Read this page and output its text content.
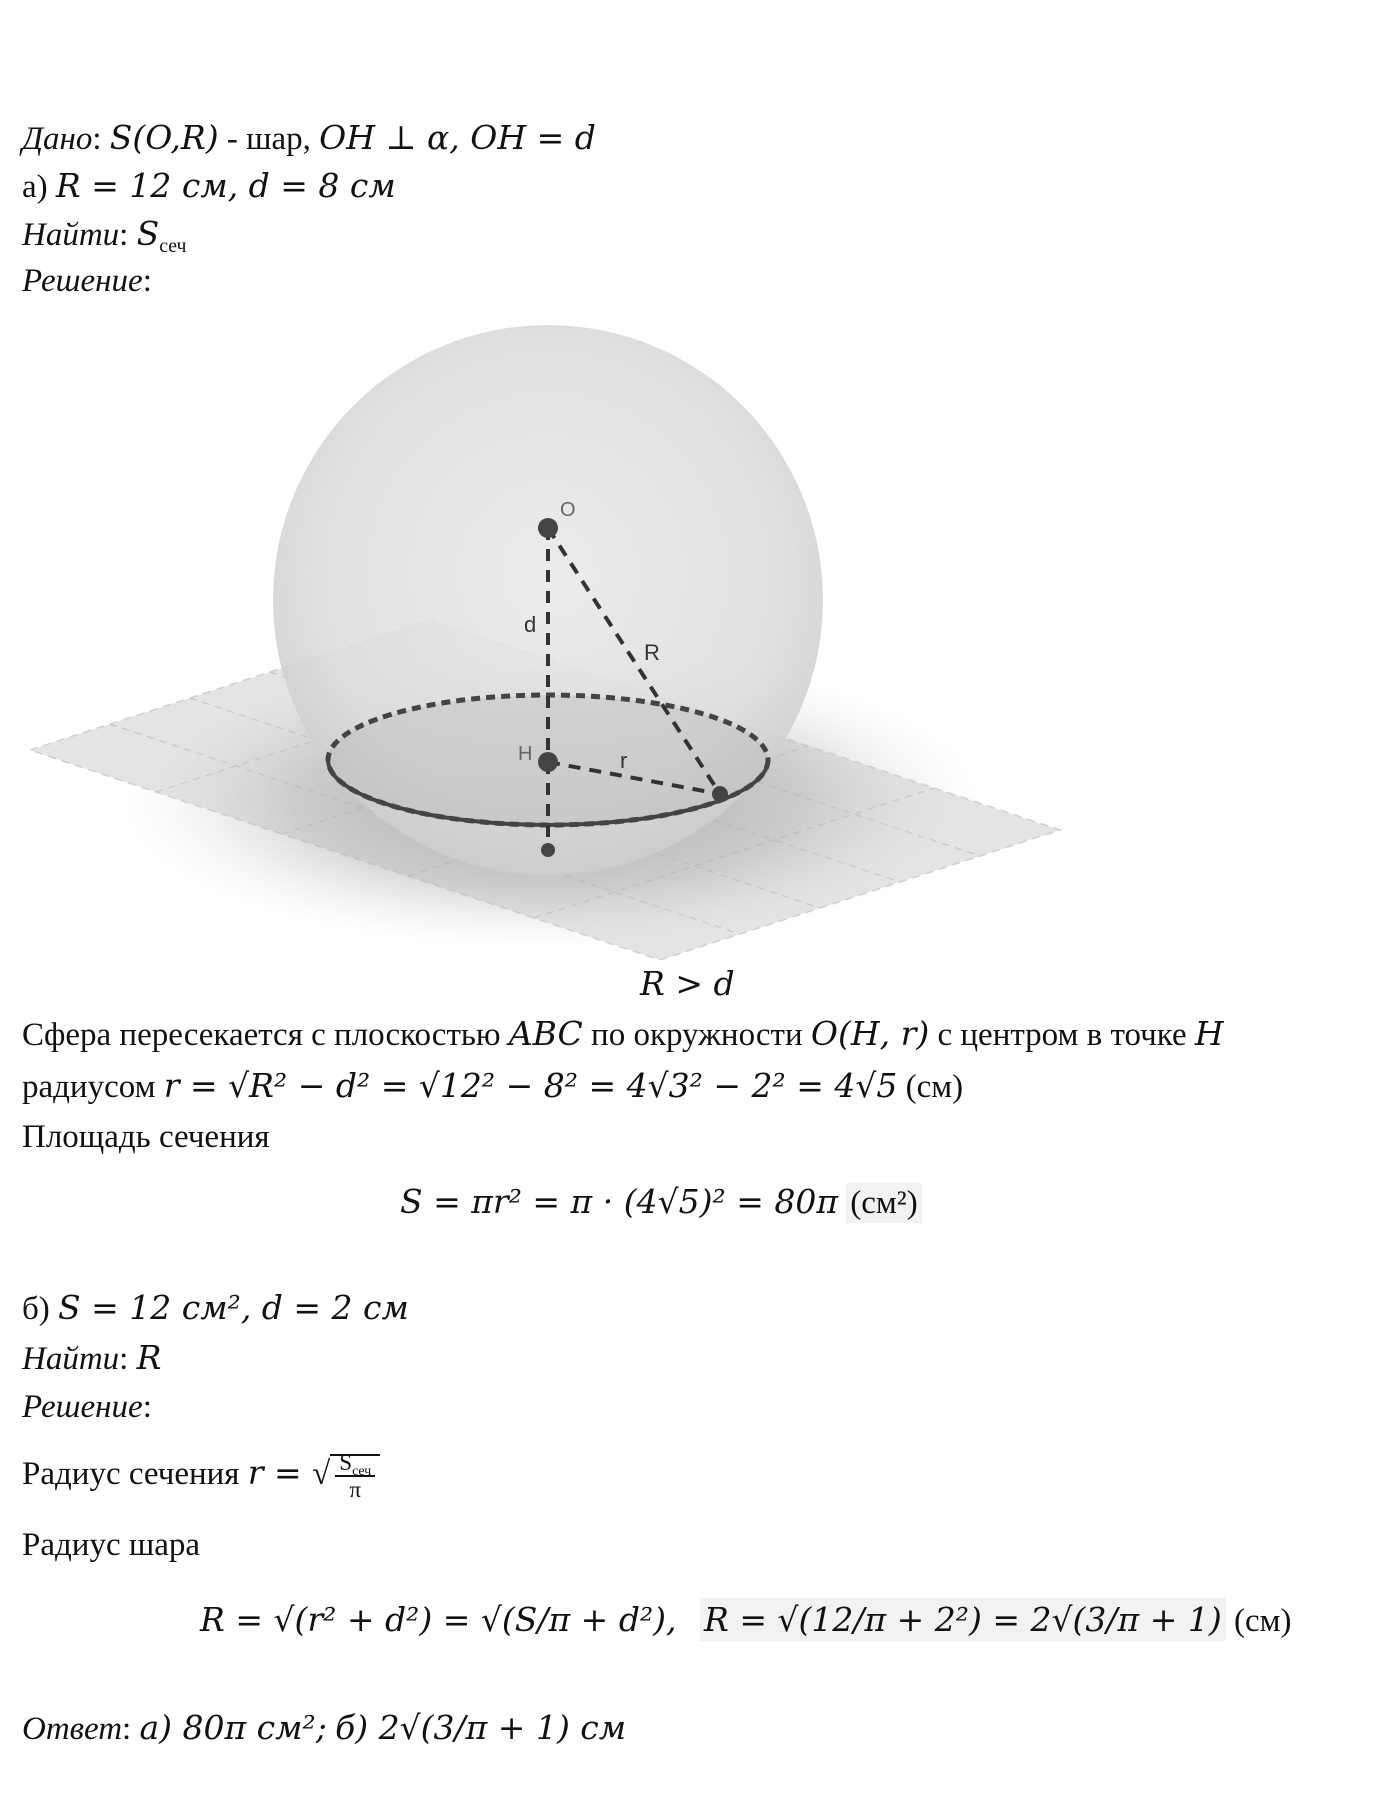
Дано: S(O,R) - шар, OH ⊥ α, OH = d
а) R = 12 см, d = 8 см
Найти: $S_{сеч}$
Решение:
O
H
d
R
r
R > d
Сфера пересекается с плоскостью ABC по окружности O(H, r) с центром в точке H
радиусом r = √R² − d² = √12² − 8² = 4√3² − 2² = 4√5 (см)
Площадь сечения
S = πr² = π · (4√5)² = 80π (см²)
б) S = 12 см², d = 2 см
Найти: R
Решение:
Радиус сечения r = √ $\frac{S_{сеч}}{\pi}$
Радиус шара
R = √(r² + d²) = √(S/π + d²), R = √(12/π + 2²) = 2√(3/π + 1) (см)
Ответ: а) 80π см²; б) 2√(3/π + 1) см
